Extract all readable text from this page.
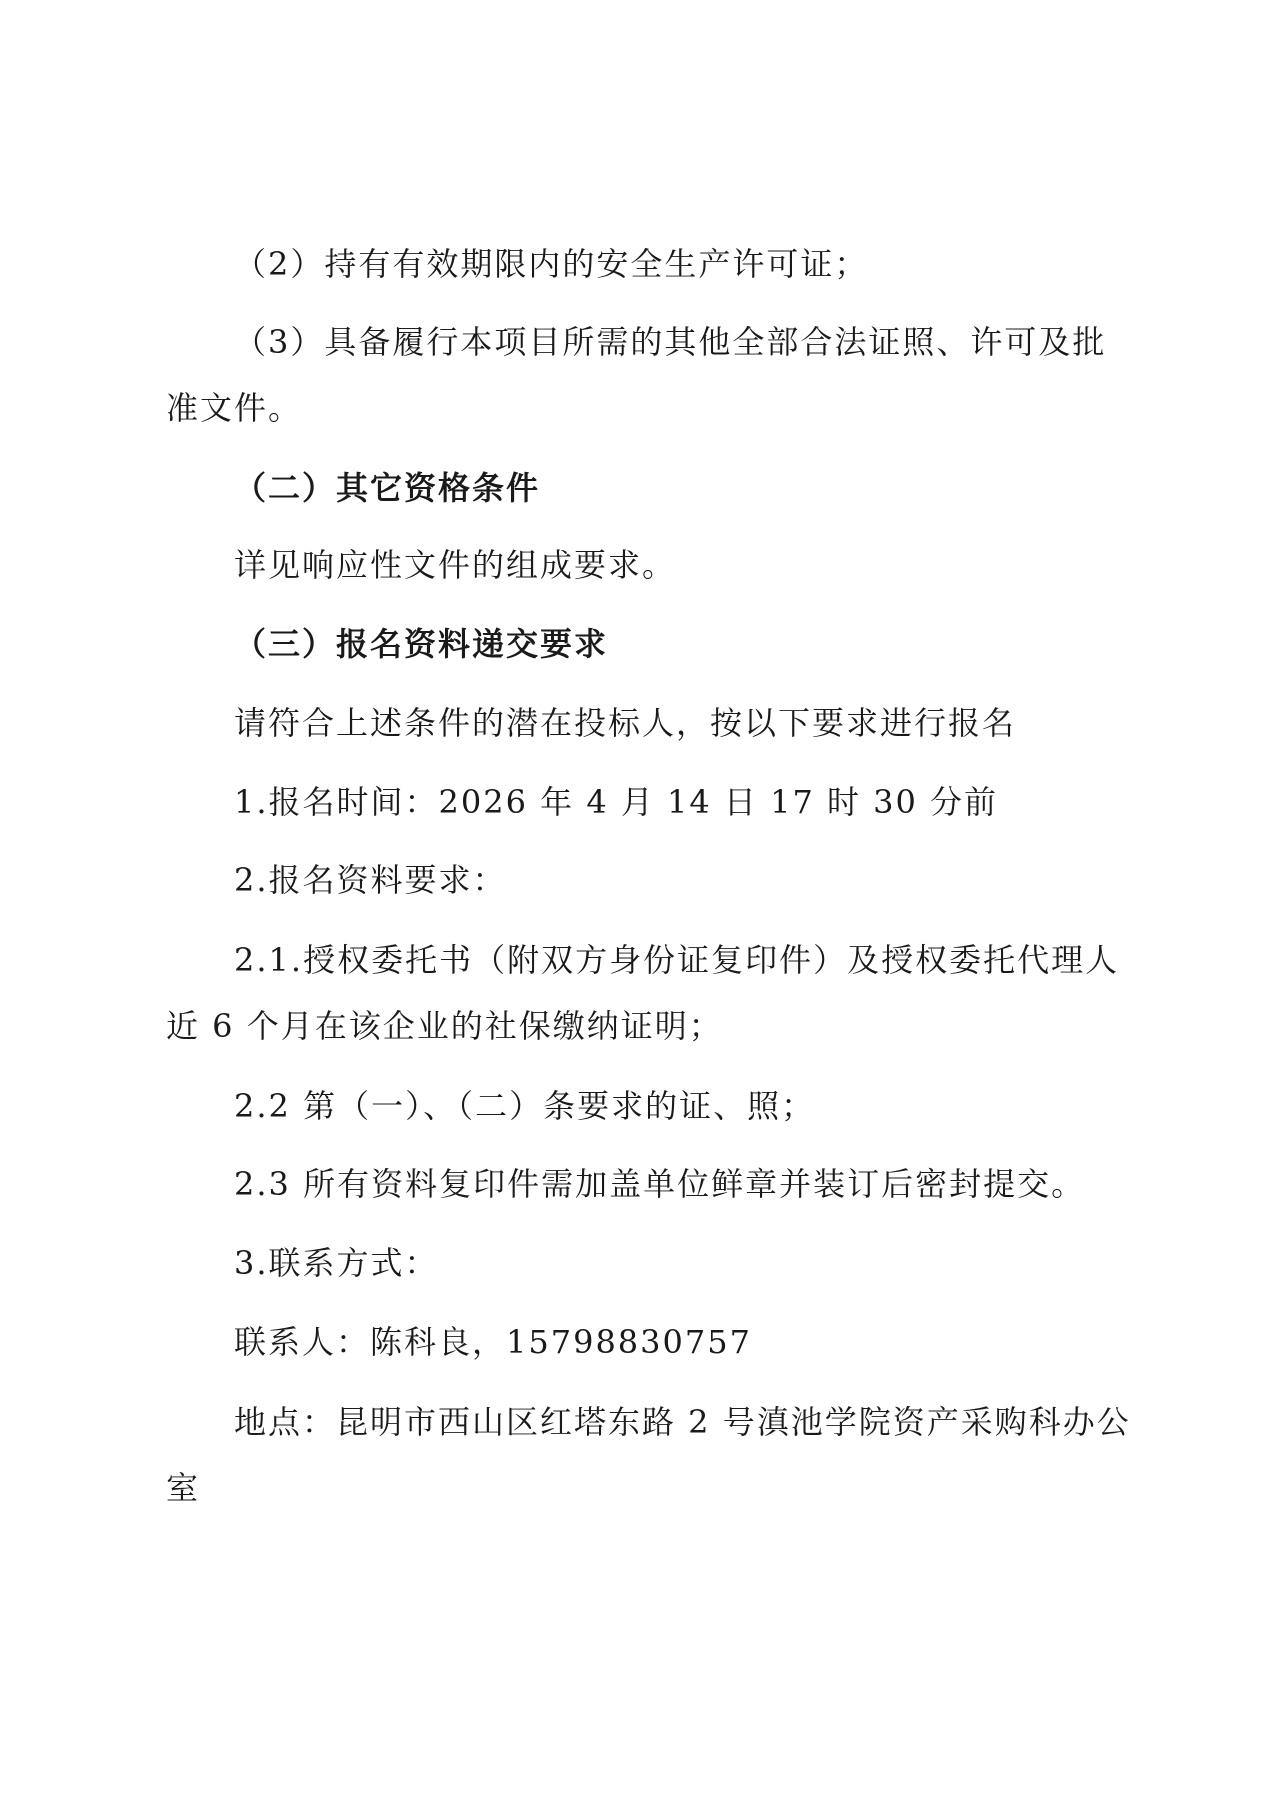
（2）持有有效期限内的安全生产许可证；
（3）具备履行本项目所需的其他全部合法证照、许可及批
准文件。
（二）其它资格条件
详见响应性文件的组成要求。
（三）报名资料递交要求
请符合上述条件的潜在投标人，按以下要求进行报名
1.报名时间：2026 年 4 月 14 日 17 时 30 分前
2.报名资料要求：
2.1.授权委托书（附双方身份证复印件）及授权委托代理人
近 6 个月在该企业的社保缴纳证明；
2.2 第（一）、（二）条要求的证、照；
2.3 所有资料复印件需加盖单位鲜章并装订后密封提交。
3.联系方式：
联系人：陈科良，15798830757
地点：昆明市西山区红塔东路 2 号滇池学院资产采购科办公
室
